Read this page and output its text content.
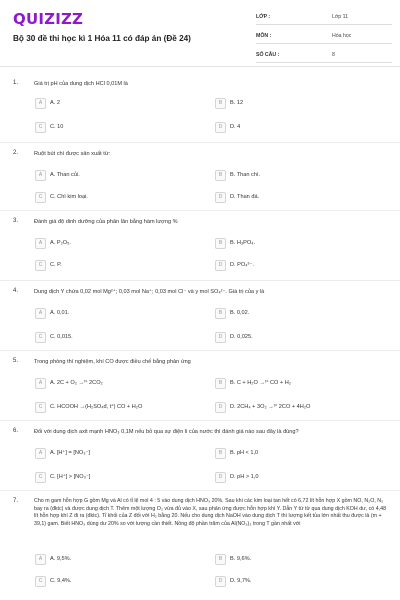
QUIZIZZ
Bộ 30 đề thi học kì 1 Hóa 11 có đáp án (Đề 24)
LỚP :	Lớp 11
MÔN :	Hóa học
SỐ CÂU :	8
1.	Giá trị pH của dung dịch HCl 0,01M là
A	A. 2	B	B. 12
C	C. 10	D	D. 4
2.	Ruột bút chì được sản xuất từ:
A	A. Than củi.	B	B. Than chì.
C	C. Chì kim loại.	D	D. Than đá.
3.	Đánh giá độ dinh dưỡng của phân lân bằng hàm lượng %
A	A. P₂O₅.	B	B. H₃PO₄.
C	C. P.	D	D. PO₄³⁻.
4.	Dung dịch Y chứa 0,02 mol Mg²⁺; 0,03 mol Na⁺; 0,03 mol Cl⁻ và y mol SO₄²⁻. Giá trị của y là
A	A. 0,01.	B	B. 0,02.
C	C. 0,015.	D	D. 0,025.
5.	Trong phòng thí nghiệm, khí CO được điều chế bằng phản ứng
A	A. 2C + O₂ →ᵗ° 2CO₂	B	B. C + H₂O →ᵗ° CO + H₂
C	C. HCOOH →(H₂SO₄đ, t°) CO + H₂O	D	D. 2CH₄ + 3O₂ →ᵗ° 2CO + 4H₂O
6.	Đối với dung dịch axit mạnh HNO₃ 0,1M nếu bỏ qua sự điện li của nước thì đánh giá nào sau đây là đúng?
A	A. [H⁺] = [NO₃⁻]	B	B. pH < 1,0
C	C. [H⁺] > [NO₃⁻]	D	D. pH > 1,0
7.	Cho m gam hỗn hợp G gồm Mg và Al có tỉ lệ mol 4 : 5 vào dung dịch HNO₃ 20%. Sau khi các kim loại tan hết có 6,72 lít hỗn hợp X gồm NO, N₂O, N₂ bay ra (đktc) và được dung dịch T. Thêm một lượng O₂ vừa đủ vào X, sau phản ứng được hỗn hợp khí Y. Dẫn Y từ từ qua dung dịch KOH dư, có 4,48 lít hỗn hợp khí Z đi ra (đktc). Tỉ khối của Z đối với H₂ bằng 20. Nếu cho dung dịch NaOH vào dung dịch T thì lượng kết tủa lớn nhất thu được là (m + 39,1) gam. Biết HNO₃ dùng dư 20% so với lượng cần thiết. Nồng độ phần trăm của Al(NO₃)₃ trong T gần nhất với
A	A. 9,5%.	B	B. 9,6%.
C	C. 9,4%.	D	D. 9,7%.
